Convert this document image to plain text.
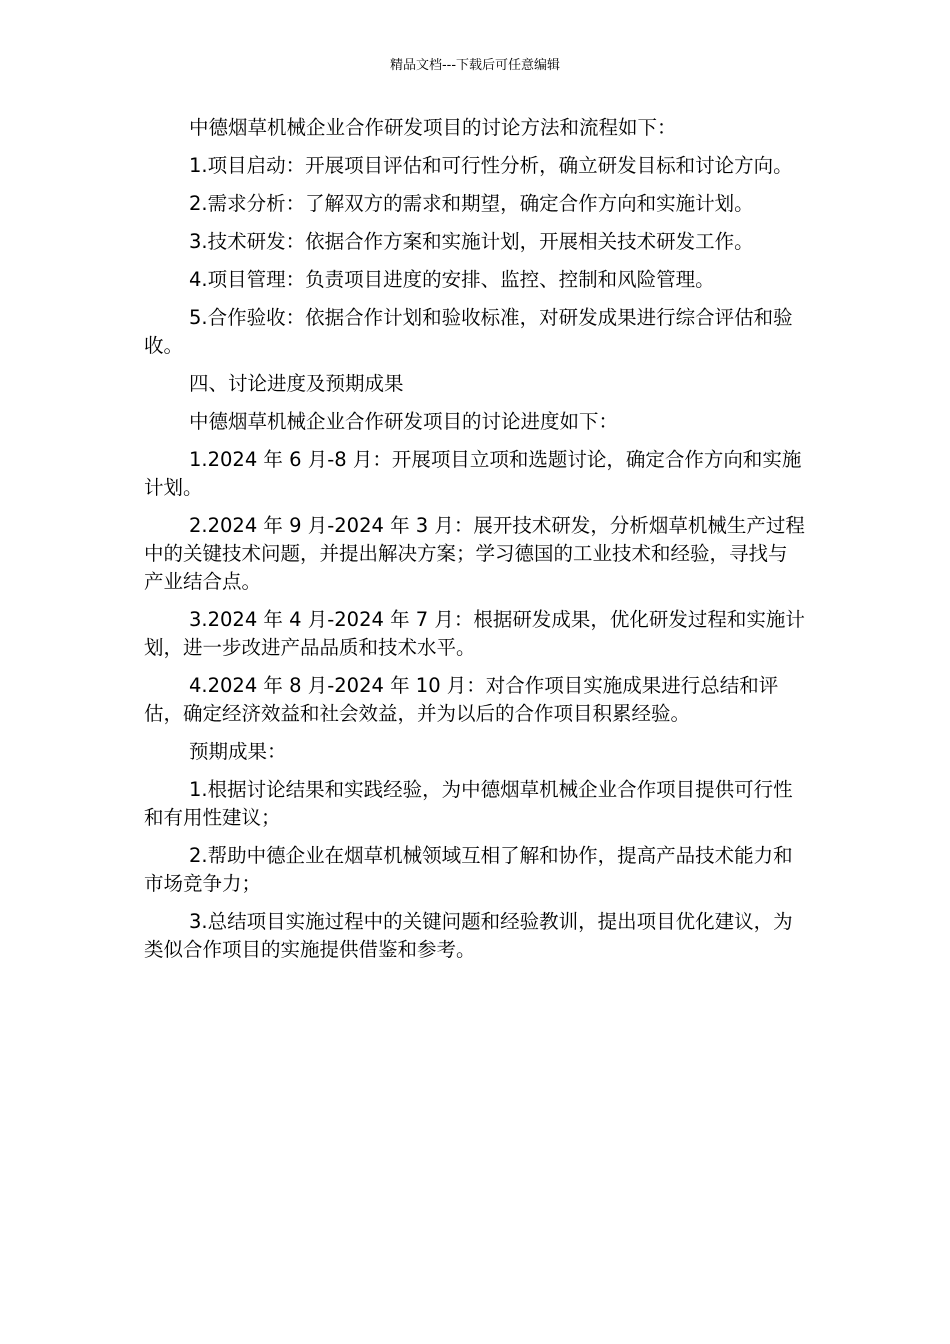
精品文档---下载后可任意编辑

中德烟草机械企业合作研发项目的讨论方法和流程如下：

1.项目启动：开展项目评估和可行性分析，确立研发目标和讨论方向。

2.需求分析：了解双方的需求和期望，确定合作方向和实施计划。

3.技术研发：依据合作方案和实施计划，开展相关技术研发工作。

4.项目管理：负责项目进度的安排、监控、控制和风险管理。

5.合作验收：依据合作计划和验收标准，对研发成果进行综合评估和验收。

四、讨论进度及预期成果

中德烟草机械企业合作研发项目的讨论进度如下：

1.2024 年 6 月-8 月：开展项目立项和选题讨论，确定合作方向和实施计划。

2.2024 年 9 月-2024 年 3 月：展开技术研发，分析烟草机械生产过程中的关键技术问题，并提出解决方案；学习德国的工业技术和经验，寻找与产业结合点。

3.2024 年 4 月-2024 年 7 月：根据研发成果，优化研发过程和实施计划，进一步改进产品品质和技术水平。

4.2024 年 8 月-2024 年 10 月：对合作项目实施成果进行总结和评估，确定经济效益和社会效益，并为以后的合作项目积累经验。

预期成果：

1.根据讨论结果和实践经验，为中德烟草机械企业合作项目提供可行性和有用性建议；

2.帮助中德企业在烟草机械领域互相了解和协作，提高产品技术能力和市场竞争力；

3.总结项目实施过程中的关键问题和经验教训，提出项目优化建议，为类似合作项目的实施提供借鉴和参考。
